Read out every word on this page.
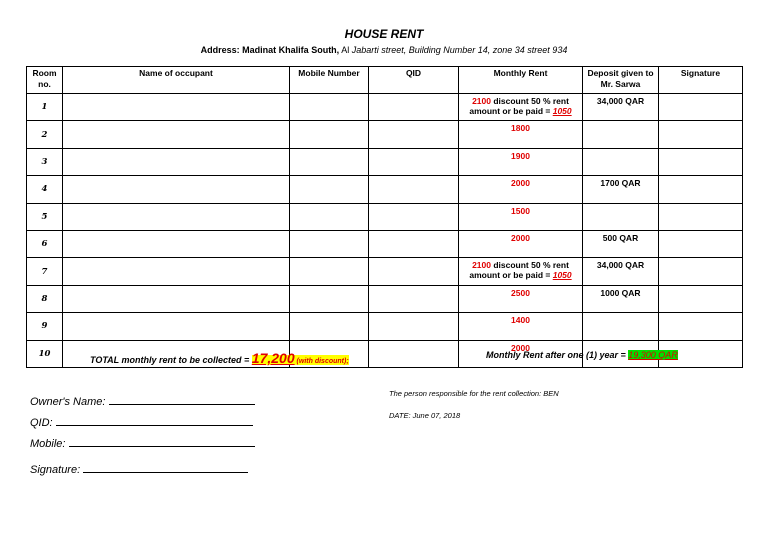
HOUSE RENT
Address: Madinat Khalifa South, Al Jabarti street, Building Number 14, zone 34 street 934
Room no.	Name of occupant	Mobile Number	QID	Monthly Rent	Deposit given to Mr. Sarwa	Signature
1				2100 discount 50 % rent amount or be paid = 1050	34,000 QAR	
2				1800		
3				1900		
4				2000	1700 QAR	
5				1500		
6				2000	500 QAR	
7				2100 discount 50 % rent amount or be paid = 1050	34,000 QAR	
8				2500	1000 QAR	
9				1400		
10				2000		
TOTAL monthly rent to be collected = 17,200 (with discount);
Monthly Rent after one (1) year = 19,300 QAR
Owner's Name:
QID:
Mobile:
Signature:
The person responsible for the rent collection: BEN
DATE: June 07, 2018
